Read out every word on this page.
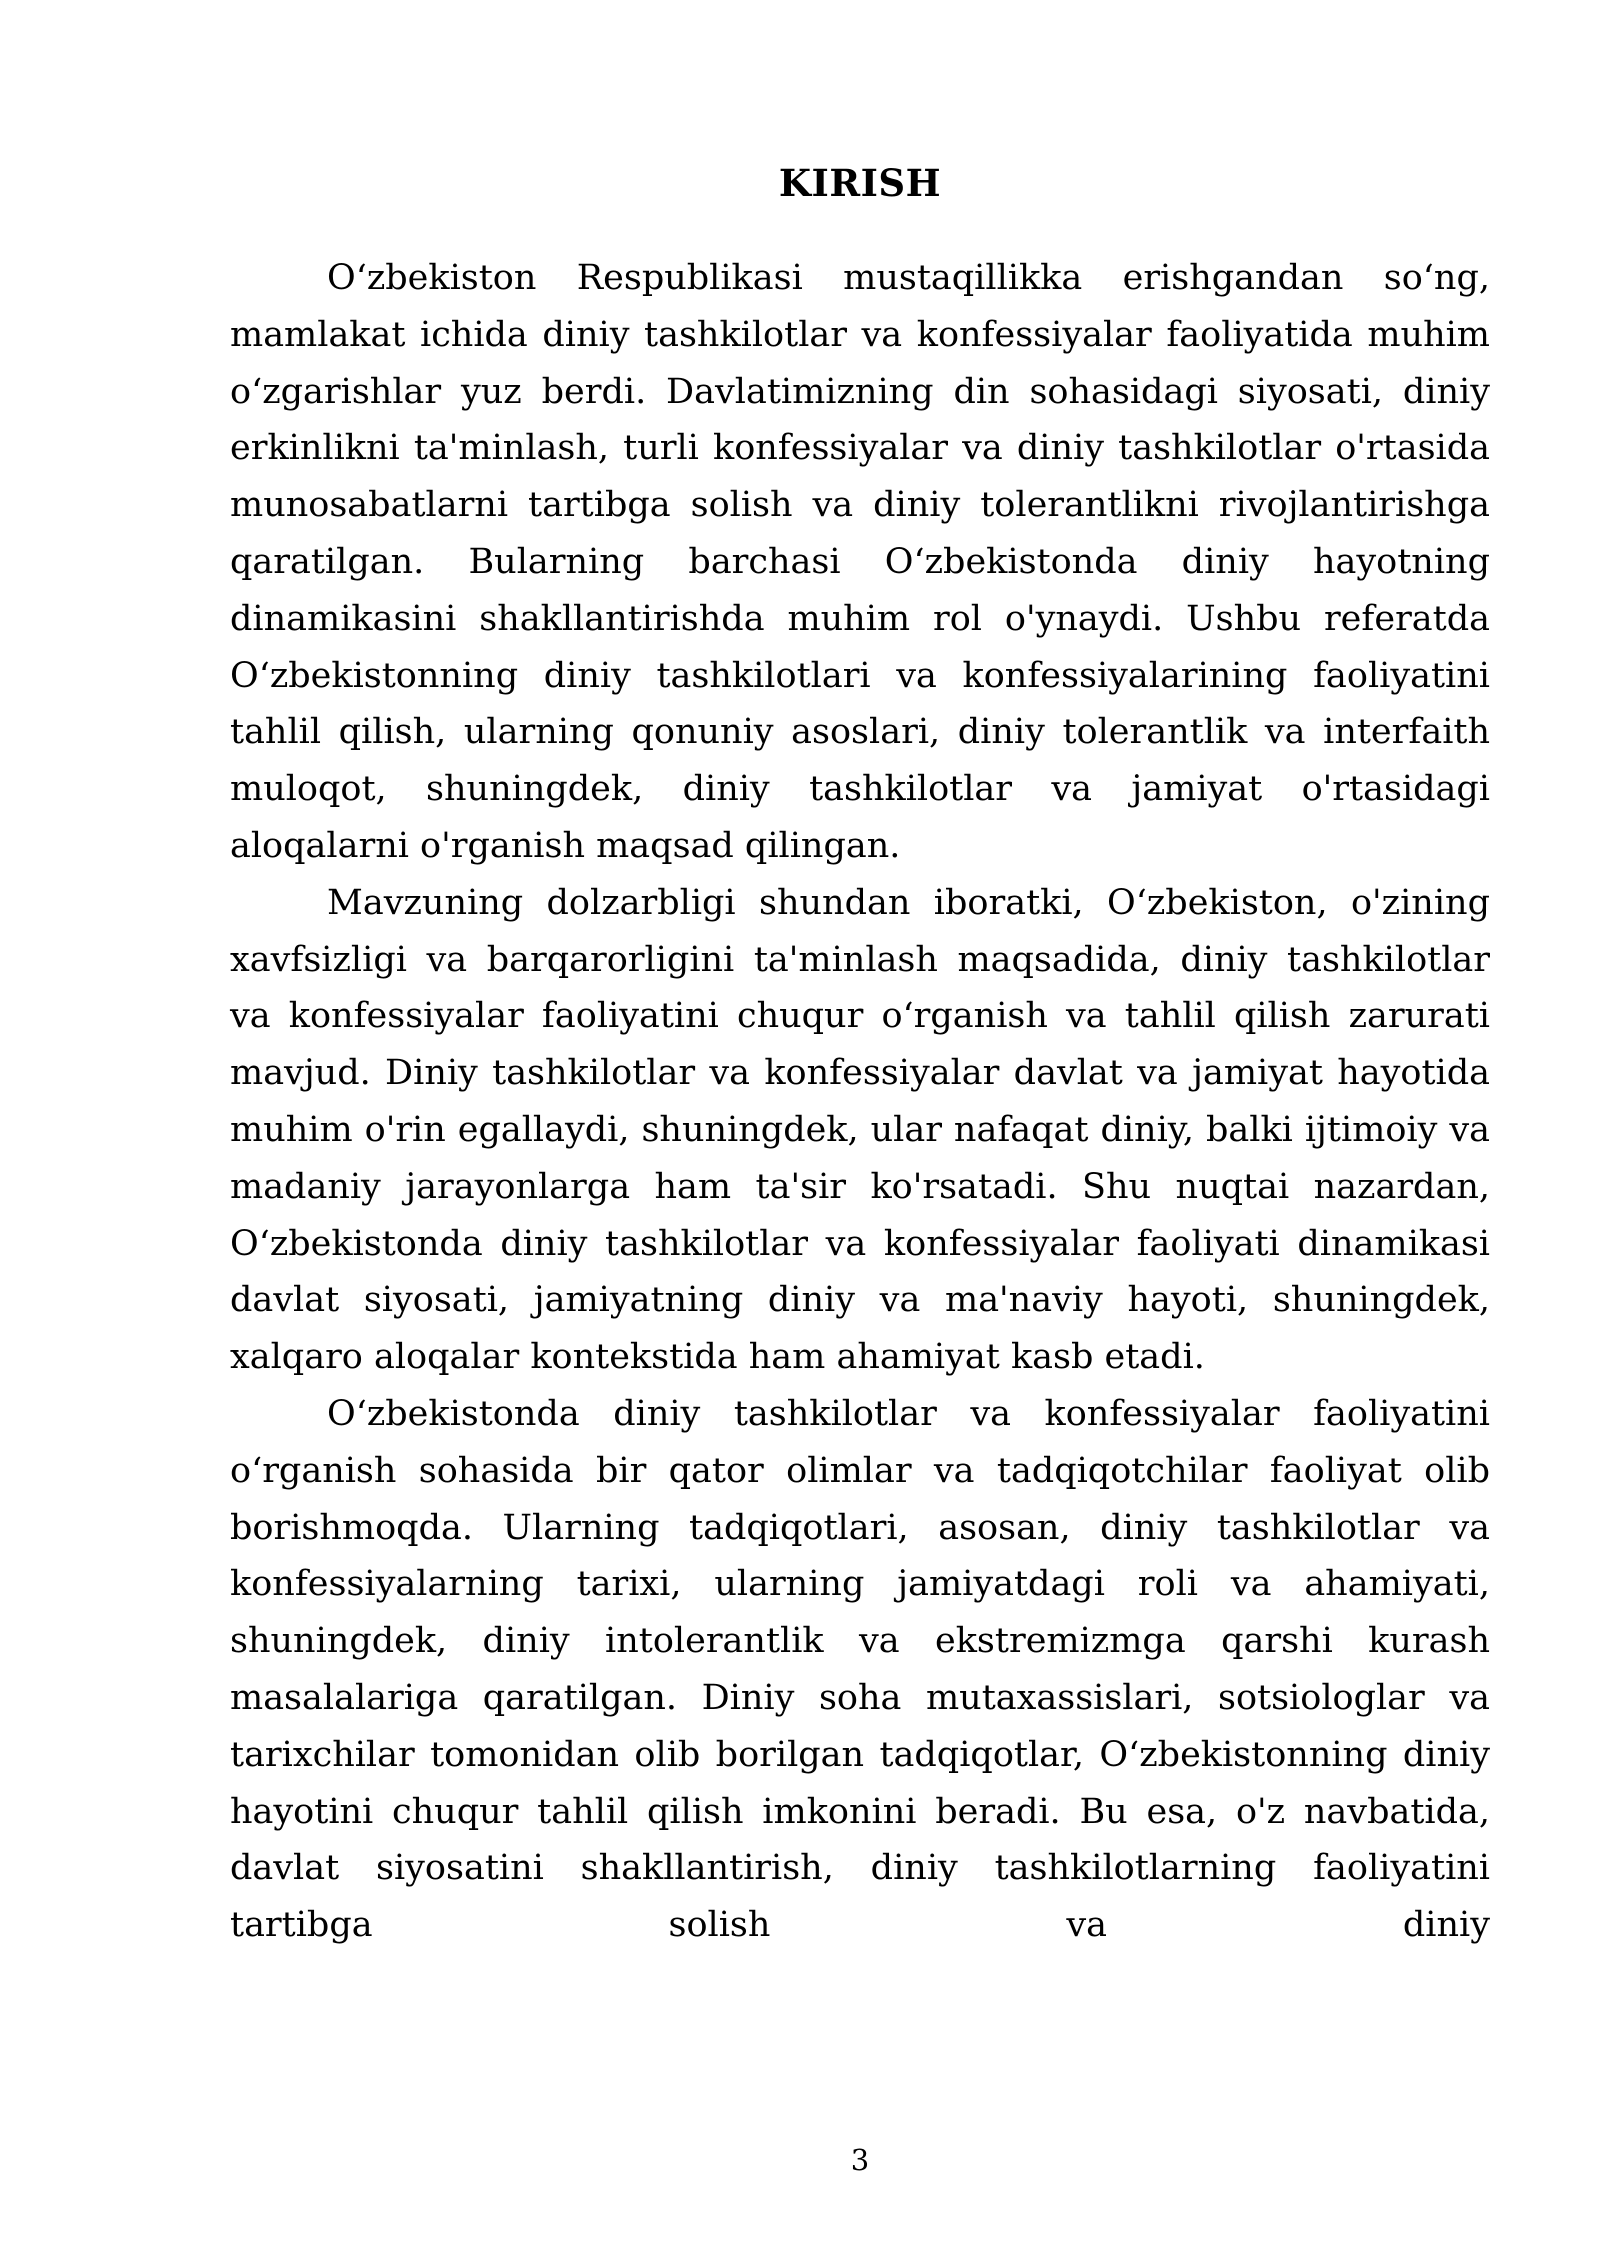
KIRISH

O‘zbekiston Respublikasi mustaqillikka erishgandan so‘ng, mamlakat ichida diniy tashkilotlar va konfessiyalar faoliyatida muhim o‘zgarishlar yuz berdi. Davlatimizning din sohasidagi siyosati, diniy erkinlikni ta'minlash, turli konfessiyalar va diniy tashkilotlar o'rtasida munosabatlarni tartibga solish va diniy tolerantlikni rivojlantirishga qaratilgan. Bularning barchasi O‘zbekistonda diniy hayotning dinamikasini shakllantirishda muhim rol o'ynaydi. Ushbu referatda O‘zbekistonning diniy tashkilotlari va konfessiyalarining faoliyatini tahlil qilish, ularning qonuniy asoslari, diniy tolerantlik va interfaith muloqot, shuningdek, diniy tashkilotlar va jamiyat o'rtasidagi aloqalarni o'rganish maqsad qilingan.

Mavzuning dolzarbligi shundan iboratki, O‘zbekiston, o'zining xavfsizligi va barqarorligini ta'minlash maqsadida, diniy tashkilotlar va konfessiyalar faoliyatini chuqur o‘rganish va tahlil qilish zarurati mavjud. Diniy tashkilotlar va konfessiyalar davlat va jamiyat hayotida muhim o'rin egallaydi, shuningdek, ular nafaqat diniy, balki ijtimoiy va madaniy jarayonlarga ham ta'sir ko'rsatadi. Shu nuqtai nazardan, O‘zbekistonda diniy tashkilotlar va konfessiyalar faoliyati dinamikasi davlat siyosati, jamiyatning diniy va ma'naviy hayoti, shuningdek, xalqaro aloqalar kontekstida ham ahamiyat kasb etadi.

O‘zbekistonda diniy tashkilotlar va konfessiyalar faoliyatini o‘rganish sohasida bir qator olimlar va tadqiqotchilar faoliyat olib borishmoqda. Ularning tadqiqotlari, asosan, diniy tashkilotlar va konfessiyalarning tarixi, ularning jamiyatdagi roli va ahamiyati, shuningdek, diniy intolerantlik va ekstremizmga qarshi kurash masalalariga qaratilgan. Diniy soha mutaxassislari, sotsiologlar va tarixchilar tomonidan olib borilgan tadqiqotlar, O‘zbekistonning diniy hayotini chuqur tahlil qilish imkonini beradi. Bu esa, o'z navbatida, davlat siyosatini shakllantirish, diniy tashkilotlarning faoliyatini tartibga solish va diniy

3
